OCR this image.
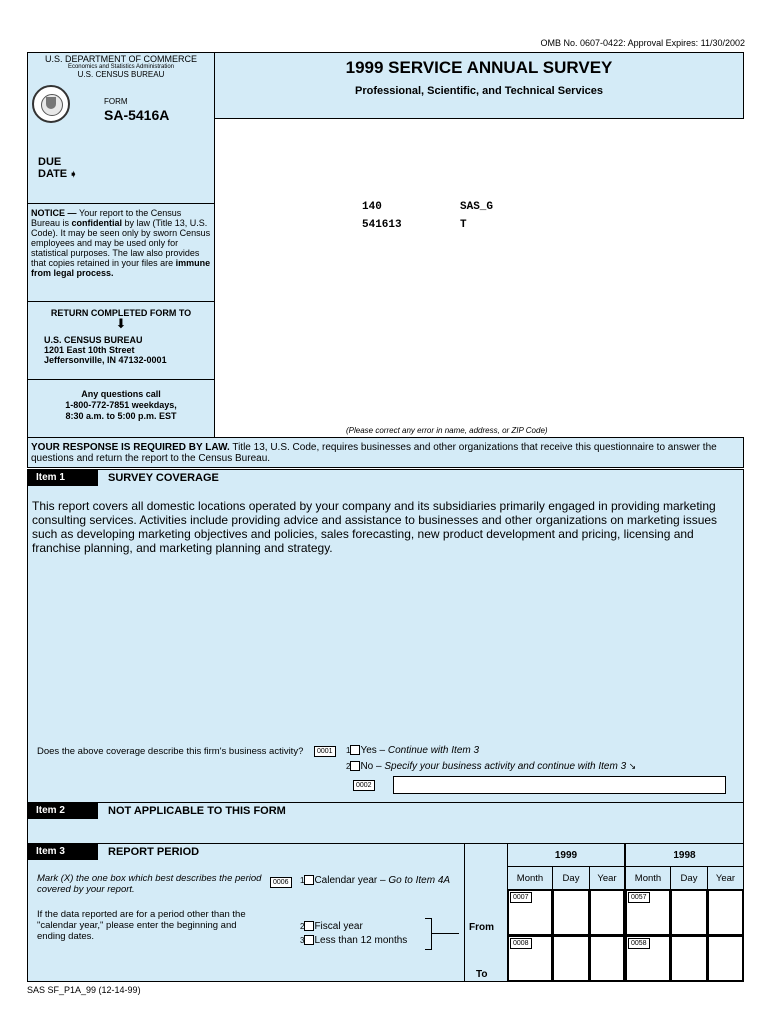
OMB No. 0607-0422: Approval Expires: 11/30/2002
U.S. DEPARTMENT OF COMMERCE
Economics and Statistics Administration
U.S. CENSUS BUREAU
FORM
SA-5416A
DUE
DATE ➧
1999 SERVICE ANNUAL SURVEY
Professional, Scientific, and Technical Services
140	SAS_G
541613	T
NOTICE — Your report to the Census Bureau is confidential by law (Title 13, U.S. Code). It may be seen only by sworn Census employees and may be used only for statistical purposes. The law also provides that copies retained in your files are immune from legal process.
RETURN COMPLETED FORM TO
⬇
U.S. CENSUS BUREAU
1201 East 10th Street
Jeffersonville, IN 47132-0001
Any questions call
1-800-772-7851 weekdays,
8:30 a.m. to 5:00 p.m. EST
(Please correct any error in name, address, or ZIP Code)
YOUR RESPONSE IS REQUIRED BY LAW. Title 13, U.S. Code, requires businesses and other organizations that receive this questionnaire to answer the questions and return the report to the Census Bureau.
Item 1	SURVEY COVERAGE
This report covers all domestic locations operated by your company and its subsidiaries primarily engaged in providing marketing consulting services. Activities include providing advice and assistance to businesses and other organizations on marketing issues such as developing marketing objectives and policies, sales forecasting, new product development and pricing, licensing and franchise planning, and marketing planning and strategy.
Does the above coverage describe this firm's business activity?	0001	1 Yes – Continue with Item 3
2 No – Specify your business activity and continue with Item 3 ↘
0002
Item 2	NOT APPLICABLE TO THIS FORM
Item 3	REPORT PERIOD
Mark (X) the one box which best describes the period covered by your report.
If the data reported are for a period other than the "calendar year," please enter the beginning and ending dates.
0006	1 Calendar year – Go to Item 4A
2 Fiscal year
3 Less than 12 months
From
To
1999	1998
Month	Day	Year	Month	Day	Year
0007	0057
0008	0058
SAS SF_P1A_99 (12-14-99)
